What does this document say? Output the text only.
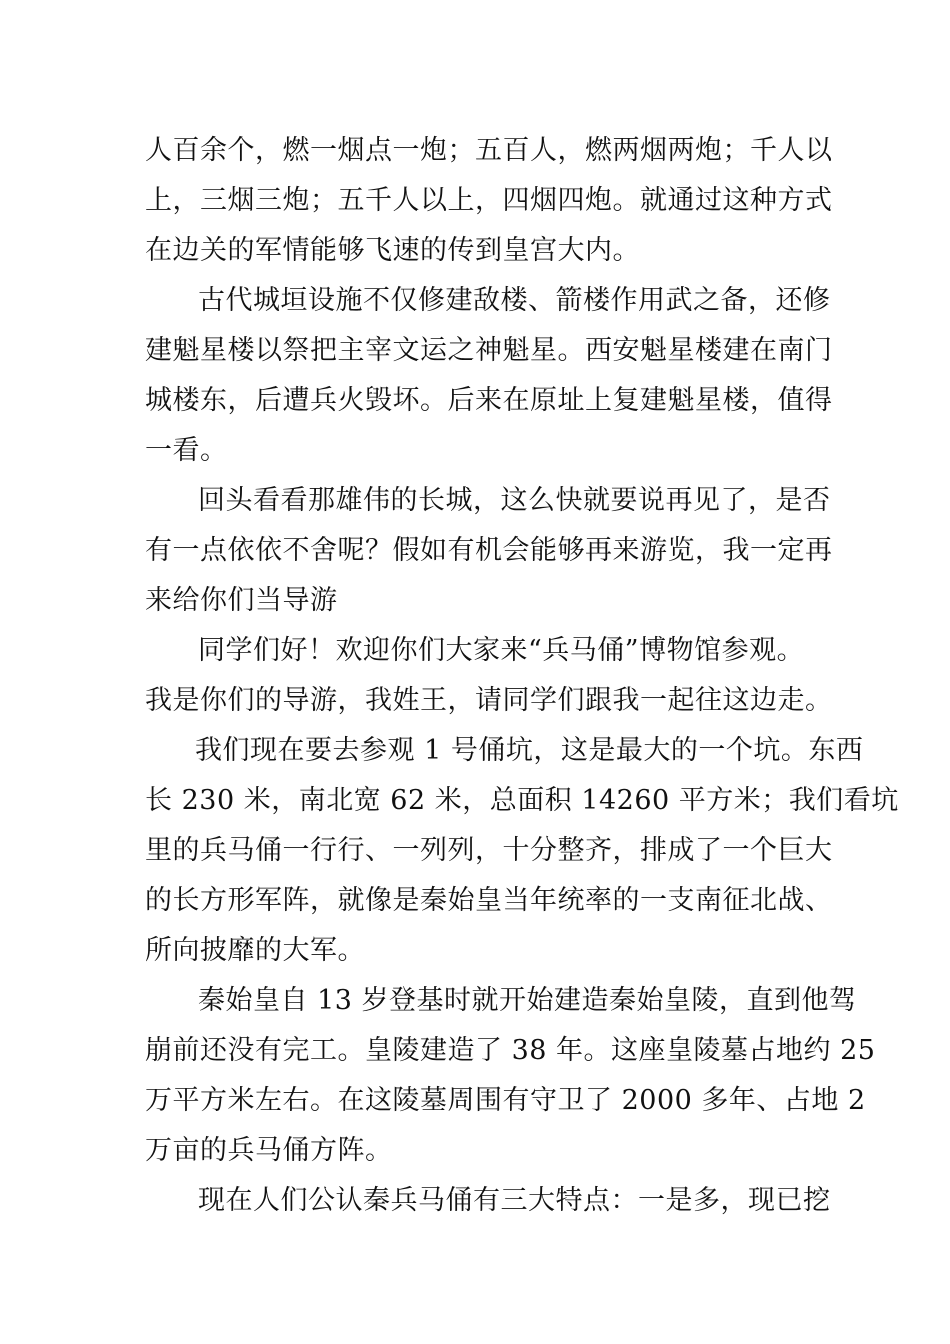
人百余个，燃一烟点一炮；五百人，燃两烟两炮；千人以
上，三烟三炮；五千人以上，四烟四炮。就通过这种方式
在边关的军情能够飞速的传到皇宫大内。
古代城垣设施不仅修建敌楼、箭楼作用武之备，还修
建魁星楼以祭把主宰文运之神魁星。西安魁星楼建在南门
城楼东，后遭兵火毁坏。后来在原址上复建魁星楼，值得
一看。
回头看看那雄伟的长城，这么快就要说再见了，是否
有一点依依不舍呢？假如有机会能够再来游览，我一定再
来给你们当导游
同学们好！欢迎你们大家来“兵马俑”博物馆参观。
我是你们的导游，我姓王，请同学们跟我一起往这边走。
我们现在要去参观 1 号俑坑，这是最大的一个坑。东西
长 230 米，南北宽 62 米，总面积 14260 平方米；我们看坑
里的兵马俑一行行、一列列，十分整齐，排成了一个巨大
的长方形军阵，就像是秦始皇当年统率的一支南征北战、
所向披靡的大军。
秦始皇自 13 岁登基时就开始建造秦始皇陵，直到他驾
崩前还没有完工。皇陵建造了 38 年。这座皇陵墓占地约 25
万平方米左右。在这陵墓周围有守卫了 2000 多年、占地 2
万亩的兵马俑方阵。
现在人们公认秦兵马俑有三大特点：一是多，现已挖
